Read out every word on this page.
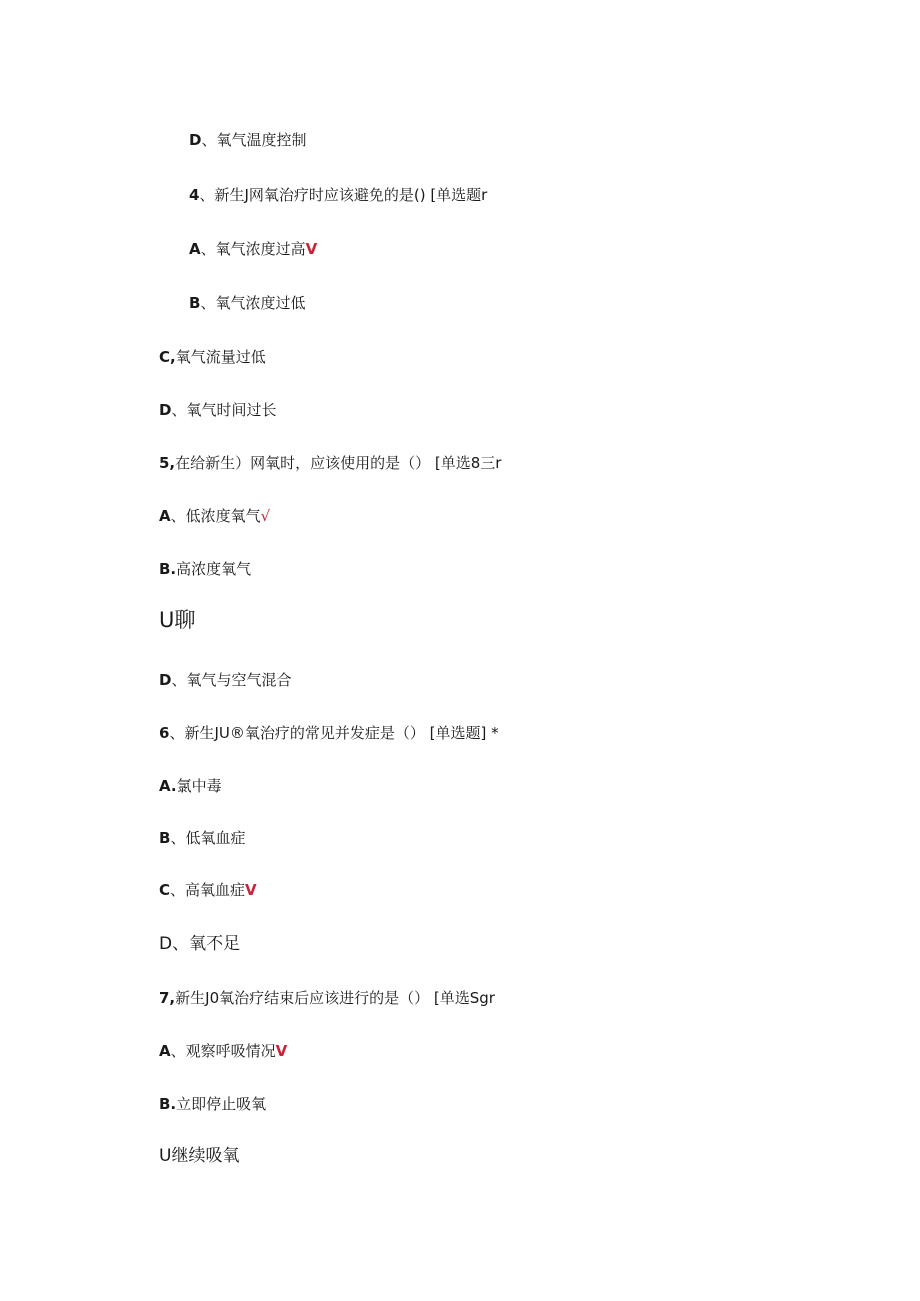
D、氧气温度控制
4、新生J网氧治疗时应该避免的是() [单选题r
A、氧气浓度过高V
B、氧气浓度过低
C,氧气流量过低
D、氧气时间过长
5,在给新生）网氧时，应该使用的是（） [单选8三r
A、低浓度氧气√
B.高浓度氧气
U聊
D、氧气与空气混合
6、新生JU®氧治疗的常见并发症是（） [单选题] *
A.氯中毒
B、低氧血症
C、高氧血症V
D、氧不足
7,新生J0氧治疗结束后应该进行的是（） [单选Sgr
A、观察呼吸情况V
B.立即停止吸氧
U继续吸氧
